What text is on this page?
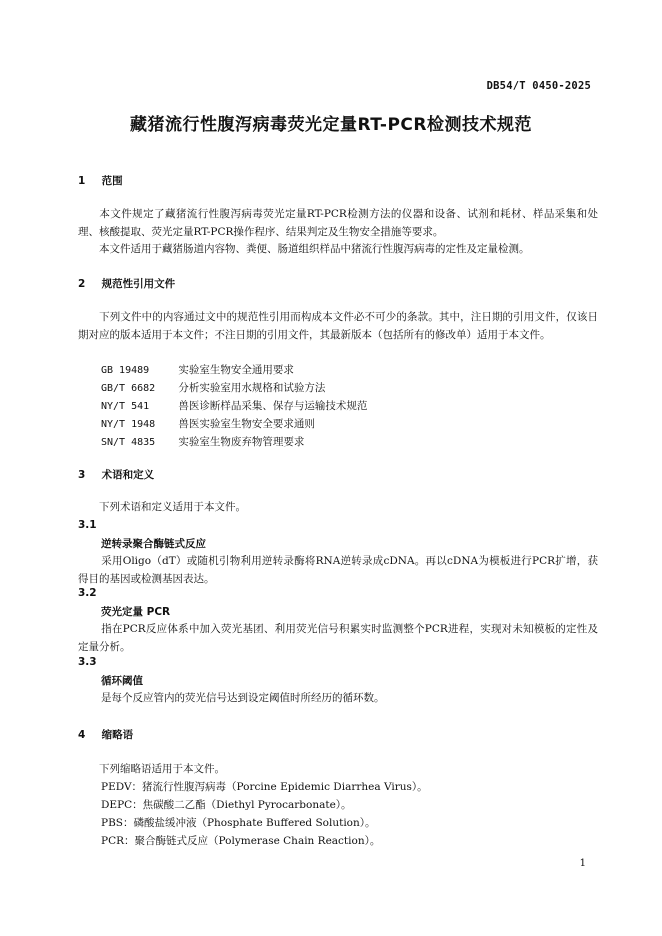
DB54/T 0450-2025
藏猪流行性腹泻病毒荧光定量RT-PCR检测技术规范
1 范围
本文件规定了藏猪流行性腹泻病毒荧光定量RT-PCR检测方法的仪器和设备、试剂和耗材、样品采集和处理、核酸提取、荧光定量RT-PCR操作程序、结果判定及生物安全措施等要求。
本文件适用于藏猪肠道内容物、粪便、肠道组织样品中猪流行性腹泻病毒的定性及定量检测。
2 规范性引用文件
下列文件中的内容通过文中的规范性引用而构成本文件必不可少的条款。其中，注日期的引用文件，仅该日期对应的版本适用于本文件；不注日期的引用文件，其最新版本（包括所有的修改单）适用于本文件。
GB 19489	实验室生物安全通用要求
GB/T 6682 分析实验室用水规格和试验方法
NY/T 541	兽医诊断样品采集、保存与运输技术规范
NY/T 1948 兽医实验室生物安全要求通则
SN/T 4835 实验室生物废弃物管理要求
3 术语和定义
下列术语和定义适用于本文件。
3.1
逆转录聚合酶链式反应
采用Oligo（dT）或随机引物利用逆转录酶将RNA逆转录成cDNA。再以cDNA为模板进行PCR扩增，获得目的基因或检测基因表达。
3.2
荧光定量 PCR
指在PCR反应体系中加入荧光基团、利用荧光信号积累实时监测整个PCR进程，实现对未知模板的定性及定量分析。
3.3
循环阈值
是每个反应管内的荧光信号达到设定阈值时所经历的循环数。
4 缩略语
下列缩略语适用于本文件。
PEDV：猪流行性腹泻病毒（Porcine Epidemic Diarrhea Virus）。
DEPC：焦碳酸二乙酯（Diethyl Pyrocarbonate）。
PBS：磷酸盐缓冲液（Phosphate Buffered Solution）。
PCR：聚合酶链式反应（Polymerase Chain Reaction）。
1
